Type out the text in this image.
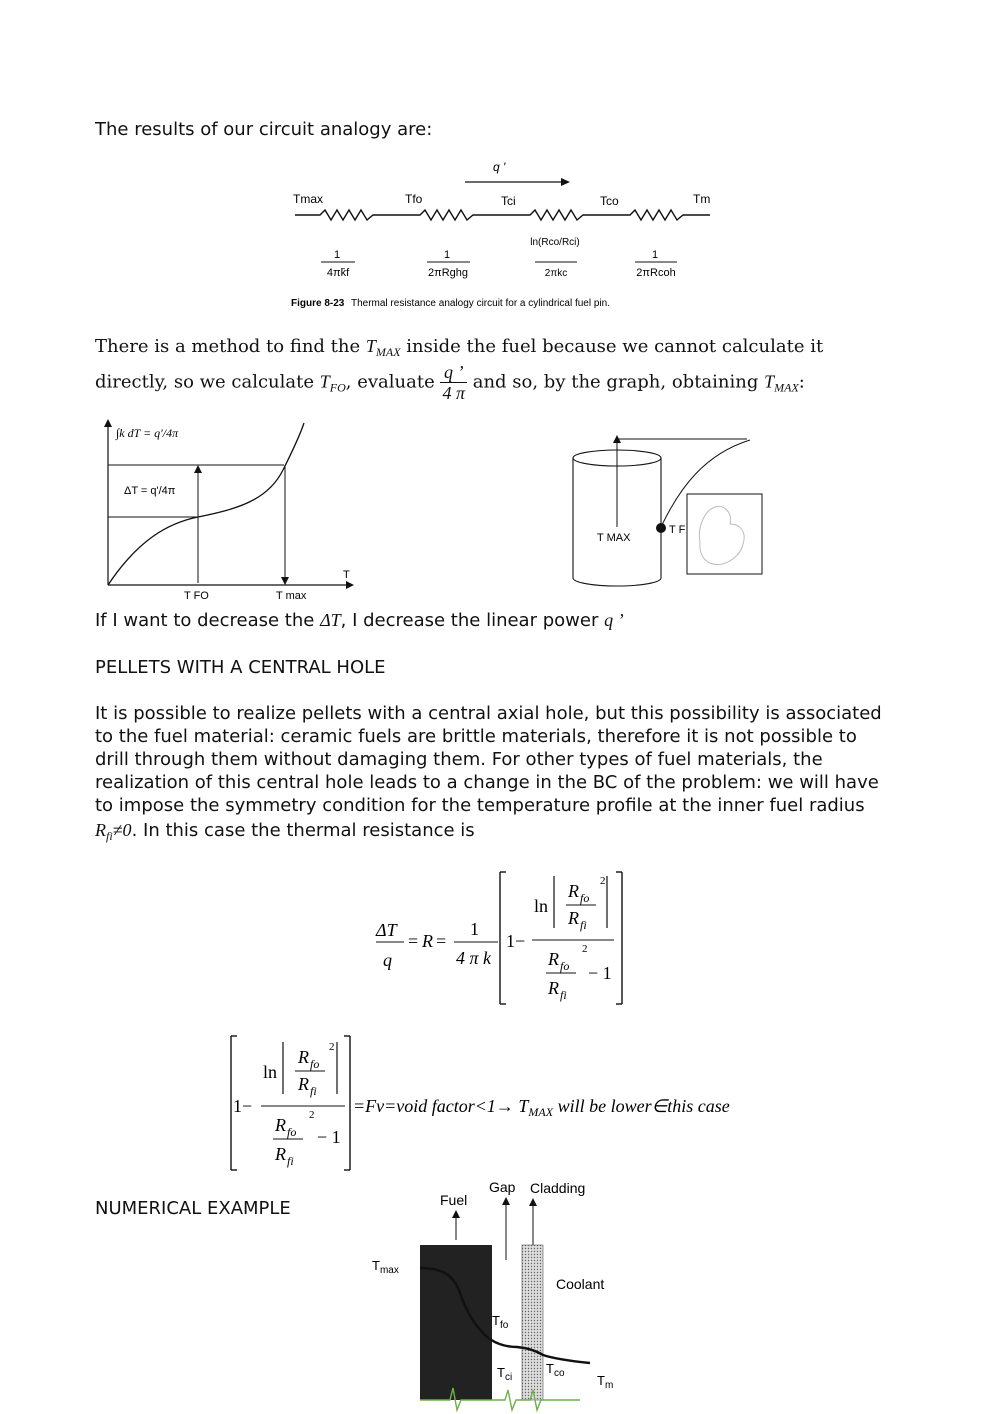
The results of our circuit analogy are:
q '
Tmax	Tfo	Tci	Tco	Tm
1
4πk̄f
1
2πRghg
ln(Rco/Rci)
2πkc
1
2πRcoh
Figure 8-23 Thermal resistance analogy circuit for a cylindrical fuel pin.
There is a method to find the $T_{MAX}$ inside the fuel because we cannot calculate it
directly, so we calculate $T_{FO}$, evaluate $\frac{q ’}{4 \pi}$ and so, by the graph, obtaining $T_{MAX}$:
∫k dT = q′/4π
ΔT = q'/4π
T FO	T max
T
T MAX
T F
If I want to decrease the ΔT, I decrease the linear power q ’
PELLETS WITH A CENTRAL HOLE
It is possible to realize pellets with a central axial hole, but this possibility is associated
to the fuel material: ceramic fuels are brittle materials, therefore it is not possible to
drill through them without damaging them. For other types of fuel materials, the
realization of this central hole leads to a change in the BC of the problem: we will have
to impose the symmetry condition for the temperature profile at the inner fuel radius
$R_{fi}\ne 0$. In this case the thermal resistance is
ΔT
q
= R =
1
4 π k
1−
ln
R fo
R fi
2
R fo
R fi
2
− 1
1−
ln
R fo
R fi
2
R fo
R fi
2
− 1
=Fv=void factor<1→ $T_{MAX}$ will be lower∈this case
NUMERICAL EXAMPLE	Fuel
Gap Cladding
Coolant
$T_{max}$
$T_{fo}$
$T_{ci}$
$T_{co}$ $T_m$
